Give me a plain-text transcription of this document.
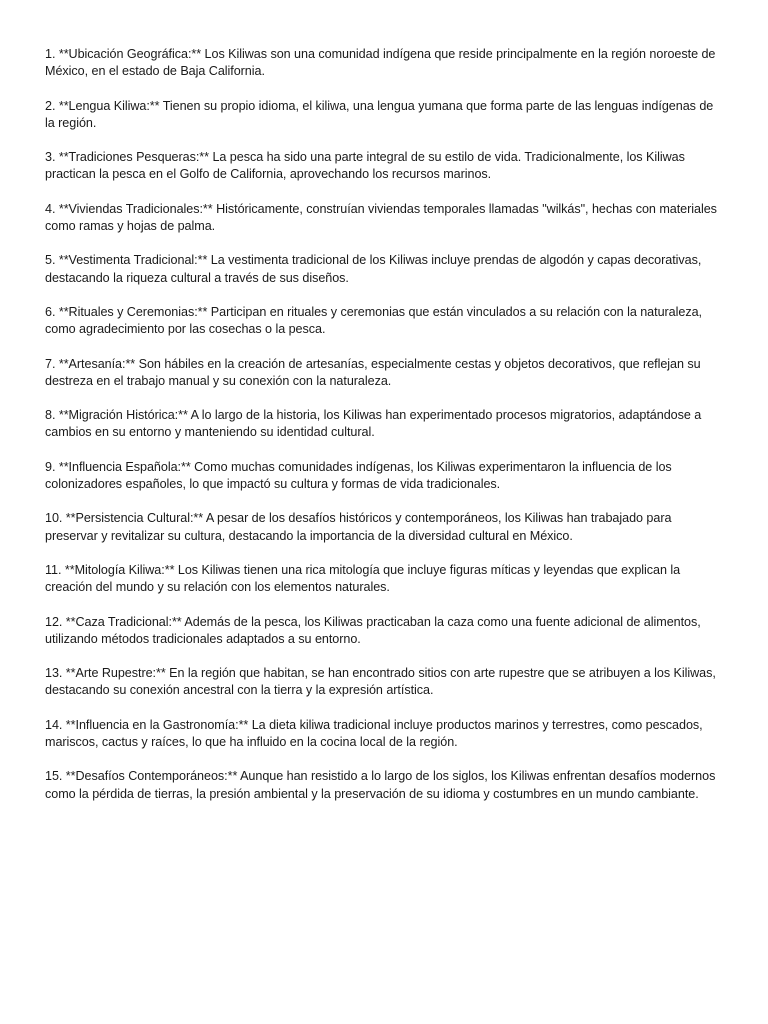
1. **Ubicación Geográfica:** Los Kiliwas son una comunidad indígena que reside principalmente en la región noroeste de México, en el estado de Baja California.

2. **Lengua Kiliwa:** Tienen su propio idioma, el kiliwa, una lengua yumana que forma parte de las lenguas indígenas de la región.

3. **Tradiciones Pesqueras:** La pesca ha sido una parte integral de su estilo de vida. Tradicionalmente, los Kiliwas practican la pesca en el Golfo de California, aprovechando los recursos marinos.

4. **Viviendas Tradicionales:** Históricamente, construían viviendas temporales llamadas "wilkás", hechas con materiales como ramas y hojas de palma.

5. **Vestimenta Tradicional:** La vestimenta tradicional de los Kiliwas incluye prendas de algodón y capas decorativas, destacando la riqueza cultural a través de sus diseños.

6. **Rituales y Ceremonias:** Participan en rituales y ceremonias que están vinculados a su relación con la naturaleza, como agradecimiento por las cosechas o la pesca.

7. **Artesanía:** Son hábiles en la creación de artesanías, especialmente cestas y objetos decorativos, que reflejan su destreza en el trabajo manual y su conexión con la naturaleza.

8. **Migración Histórica:** A lo largo de la historia, los Kiliwas han experimentado procesos migratorios, adaptándose a cambios en su entorno y manteniendo su identidad cultural.

9. **Influencia Española:** Como muchas comunidades indígenas, los Kiliwas experimentaron la influencia de los colonizadores españoles, lo que impactó su cultura y formas de vida tradicionales.

10. **Persistencia Cultural:** A pesar de los desafíos históricos y contemporáneos, los Kiliwas han trabajado para preservar y revitalizar su cultura, destacando la importancia de la diversidad cultural en México.

11. **Mitología Kiliwa:** Los Kiliwas tienen una rica mitología que incluye figuras míticas y leyendas que explican la creación del mundo y su relación con los elementos naturales.

12. **Caza Tradicional:** Además de la pesca, los Kiliwas practicaban la caza como una fuente adicional de alimentos, utilizando métodos tradicionales adaptados a su entorno.

13. **Arte Rupestre:** En la región que habitan, se han encontrado sitios con arte rupestre que se atribuyen a los Kiliwas, destacando su conexión ancestral con la tierra y la expresión artística.

14. **Influencia en la Gastronomía:** La dieta kiliwa tradicional incluye productos marinos y terrestres, como pescados, mariscos, cactus y raíces, lo que ha influido en la cocina local de la región.

15. **Desafíos Contemporáneos:** Aunque han resistido a lo largo de los siglos, los Kiliwas enfrentan desafíos modernos como la pérdida de tierras, la presión ambiental y la preservación de su idioma y costumbres en un mundo cambiante.
